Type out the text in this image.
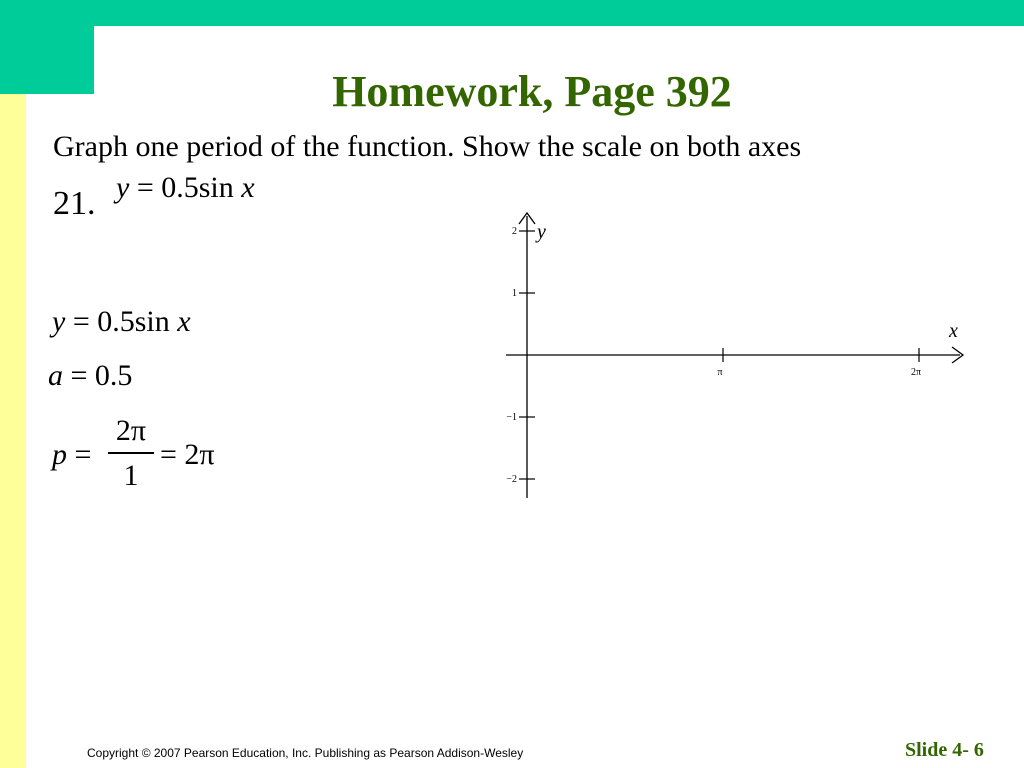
Homework, Page 392
Graph one period of the function. Show the scale on both axes
21. y = 0.5sin x
y = 0.5sin x
a = 0.5
p =
2π
1
= 2π
x
y
π	2π
2
1
−1
−2
Copyright © 2007 Pearson Education, Inc. Publishing as Pearson Addison-Wesley	Slide 4- 6
